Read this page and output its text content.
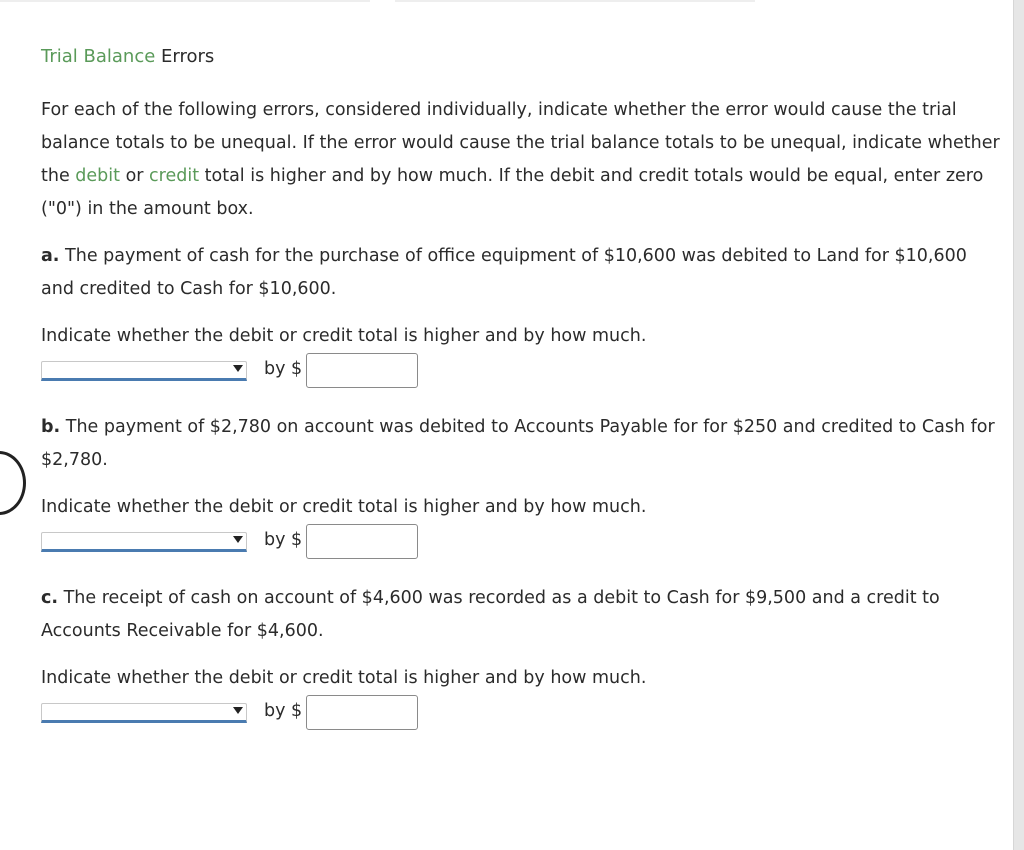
Trial Balance Errors

For each of the following errors, considered individually, indicate whether the error would cause the trial balance totals to be unequal. If the error would cause the trial balance totals to be unequal, indicate whether the debit or credit total is higher and by how much. If the debit and credit totals would be equal, enter zero ("0") in the amount box.

a. The payment of cash for the purchase of office equipment of $10,600 was debited to Land for $10,600 and credited to Cash for $10,600.

Indicate whether the debit or credit total is higher and by how much.

by $

b. The payment of $2,780 on account was debited to Accounts Payable for for $250 and credited to Cash for $2,780.

Indicate whether the debit or credit total is higher and by how much.

by $

c. The receipt of cash on account of $4,600 was recorded as a debit to Cash for $9,500 and a credit to Accounts Receivable for $4,600.

Indicate whether the debit or credit total is higher and by how much.

by $
